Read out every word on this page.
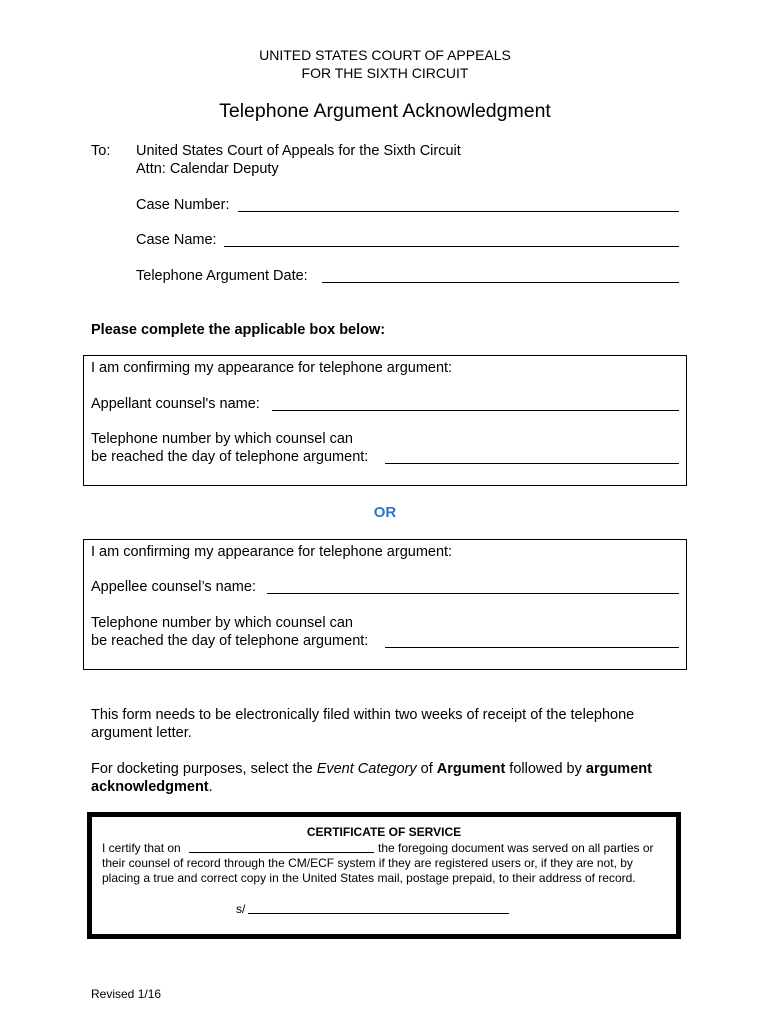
UNITED STATES COURT OF APPEALS
FOR THE SIXTH CIRCUIT
Telephone Argument Acknowledgment
To: United States Court of Appeals for the Sixth Circuit
Attn: Calendar Deputy
Case Number:
Case Name:
Telephone Argument Date:
Please complete the applicable box below:
I am confirming my appearance for telephone argument:
Appellant counsel's name:
Telephone number by which counsel can
be reached the day of telephone argument:
OR
I am confirming my appearance for telephone argument:
Appellee counsel’s name:
Telephone number by which counsel can
be reached the day of telephone argument:
This form needs to be electronically filed within two weeks of receipt of the telephone
argument letter.
For docketing purposes, select the Event Category of Argument followed by argument
acknowledgment.
CERTIFICATE OF SERVICE
I certify that on	the foregoing document was served on all parties or
their counsel of record through the CM/ECF system if they are registered users or, if they are not, by
placing a true and correct copy in the United States mail, postage prepaid, to their address of record.
s/
Revised 1/16
